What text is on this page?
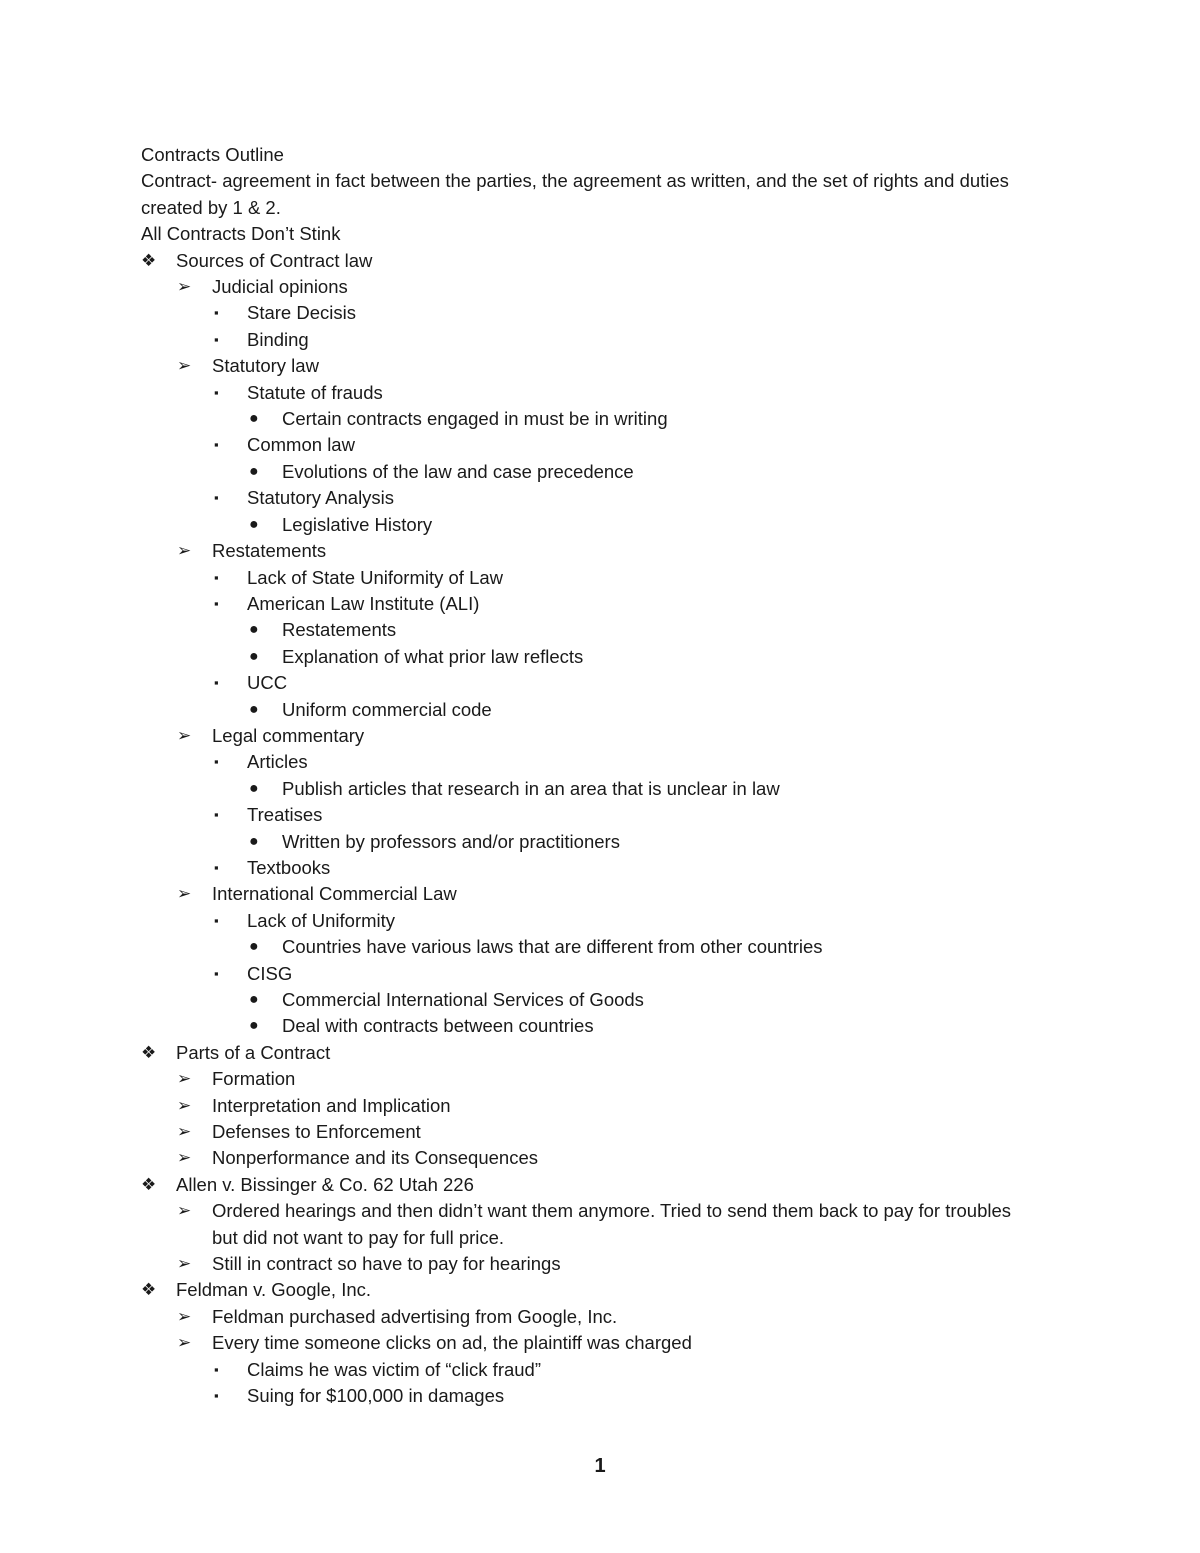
Contracts Outline
Contract- agreement in fact between the parties, the agreement as written, and the set of rights and duties created by 1 & 2.
All Contracts Don’t Stink
❖ Sources of Contract law
➢ Judicial opinions
▪ Stare Decisis
▪ Binding
➢ Statutory law
▪ Statute of frauds
● Certain contracts engaged in must be in writing
▪ Common law
● Evolutions of the law and case precedence
▪ Statutory Analysis
● Legislative History
➢ Restatements
▪ Lack of State Uniformity of Law
▪ American Law Institute (ALI)
● Restatements
● Explanation of what prior law reflects
▪ UCC
● Uniform commercial code
➢ Legal commentary
▪ Articles
● Publish articles that research in an area that is unclear in law
▪ Treatises
● Written by professors and/or practitioners
▪ Textbooks
➢ International Commercial Law
▪ Lack of Uniformity
● Countries have various laws that are different from other countries
▪ CISG
● Commercial International Services of Goods
● Deal with contracts between countries
❖ Parts of a Contract
➢ Formation
➢ Interpretation and Implication
➢ Defenses to Enforcement
➢ Nonperformance and its Consequences
❖ Allen v. Bissinger & Co. 62 Utah 226
➢ Ordered hearings and then didn’t want them anymore. Tried to send them back to pay for troubles but did not want to pay for full price.
➢ Still in contract so have to pay for hearings
❖ Feldman v. Google, Inc.
➢ Feldman purchased advertising from Google, Inc.
➢ Every time someone clicks on ad, the plaintiff was charged
▪ Claims he was victim of “click fraud”
▪ Suing for $100,000 in damages
1
